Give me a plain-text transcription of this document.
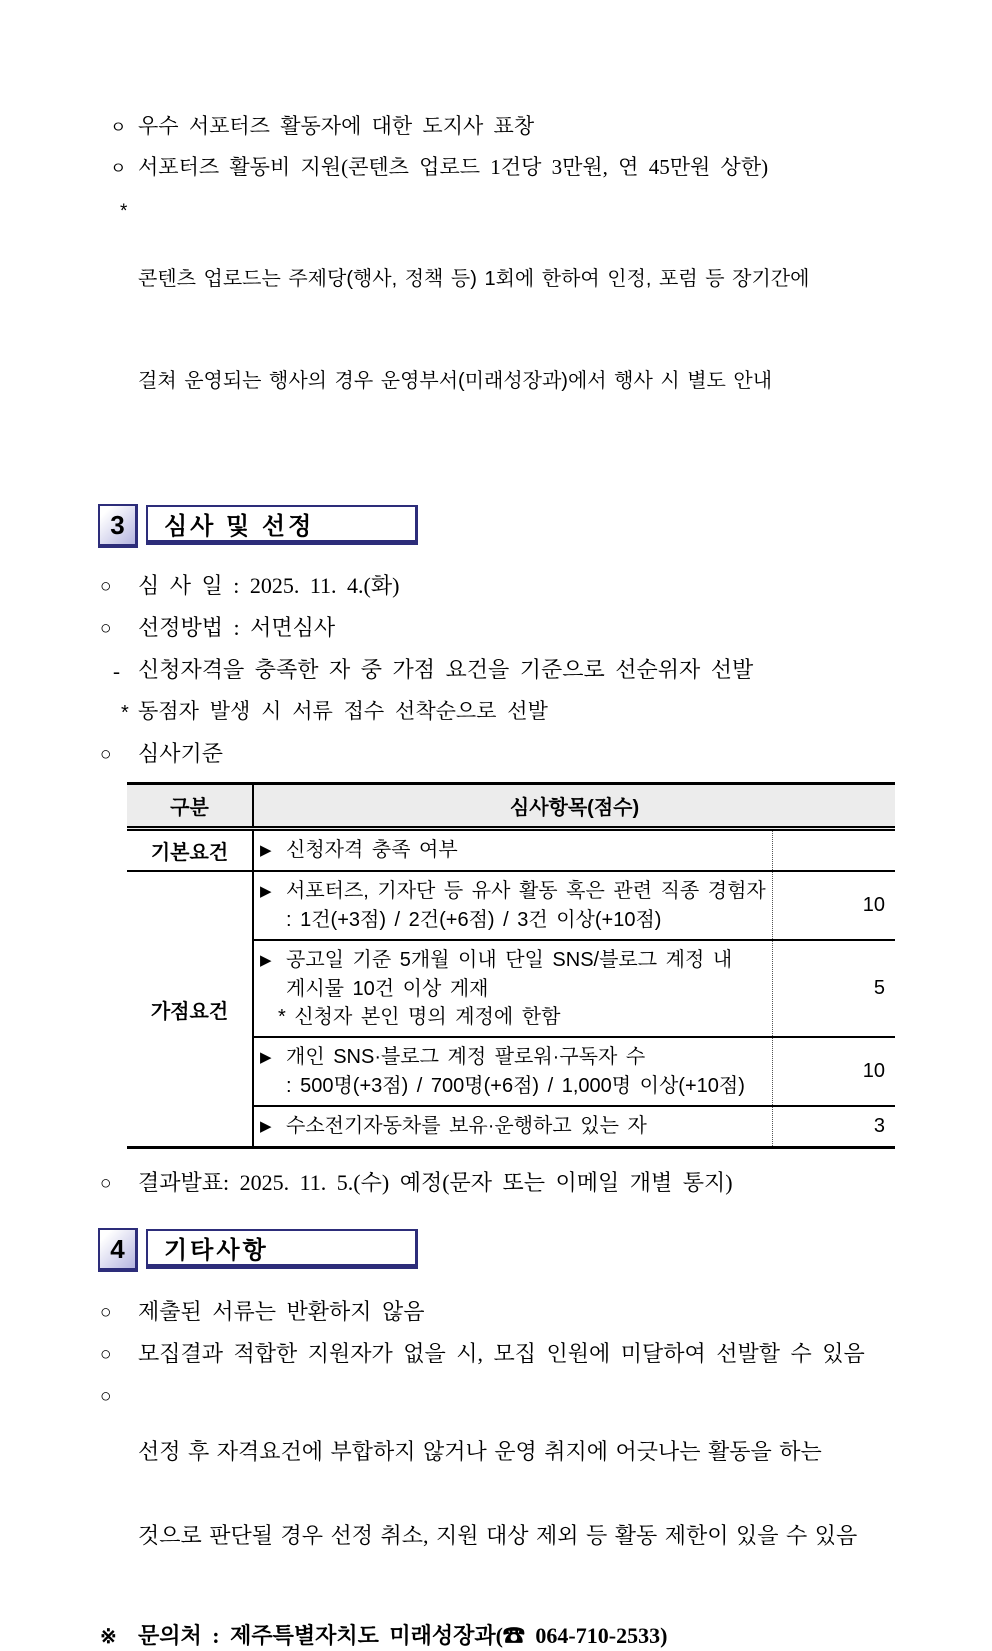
ㅇ 우수 서포터즈 활동자에 대한 도지사 표창
ㅇ 서포터즈 활동비 지원(콘텐츠 업로드 1건당 3만원, 연 45만원 상한)
*

콘텐츠 업로드는 주제당(행사, 정책 등) 1회에 한하여 인정, 포럼 등 장기간에

걸쳐 운영되는 행사의 경우 운영부서(미래성장과)에서 행사 시 별도 안내

3 심사 및 선정
○	심 사 일 : 2025. 11. 4.(화)
○	선정방법 : 서면심사
- 신청자격을 충족한 자 중 가점 요건을 기준으로 선순위자 선발
* 동점자 발생 시 서류 접수 선착순으로 선발
○	심사기준
구분	심사항목(점수)	
기본요건	▶ 신청자격 충족 여부	

가점요건	▶ 서포터즈, 기자단 등 유사 활동 혹은 관련 직종 경험자
: 1건(+3점) / 2건(+6점) / 3건 이상(+10점)	10

	▶ 공고일 기준 5개월 이내 단일 SNS/블로그 계정 내
게시물 10건 이상 게재
* 신청자 본인 명의 계정에 한함	5

	▶ 개인 SNS·블로그 계정 팔로워·구독자 수
: 500명(+3점) / 700명(+6점) / 1,000명 이상(+10점)	10

	▶ 수소전기자동차를 보유·운행하고 있는 자	3
○	결과발표: 2025. 11. 5.(수) 예정(문자 또는 이메일 개별 통지)
4 기타사항
○	제출된 서류는 반환하지 않음
○	모집결과 적합한 지원자가 없을 시, 모집 인원에 미달하여 선발할 수 있음
○

선정 후 자격요건에 부합하지 않거나 운영 취지에 어긋나는 활동을 하는

것으로 판단될 경우 선정 취소, 지원 대상 제외 등 활동 제한이 있을 수 있음

※ 문의처 : 제주특별자치도 미래성장과(☎ 064-710-2533)
